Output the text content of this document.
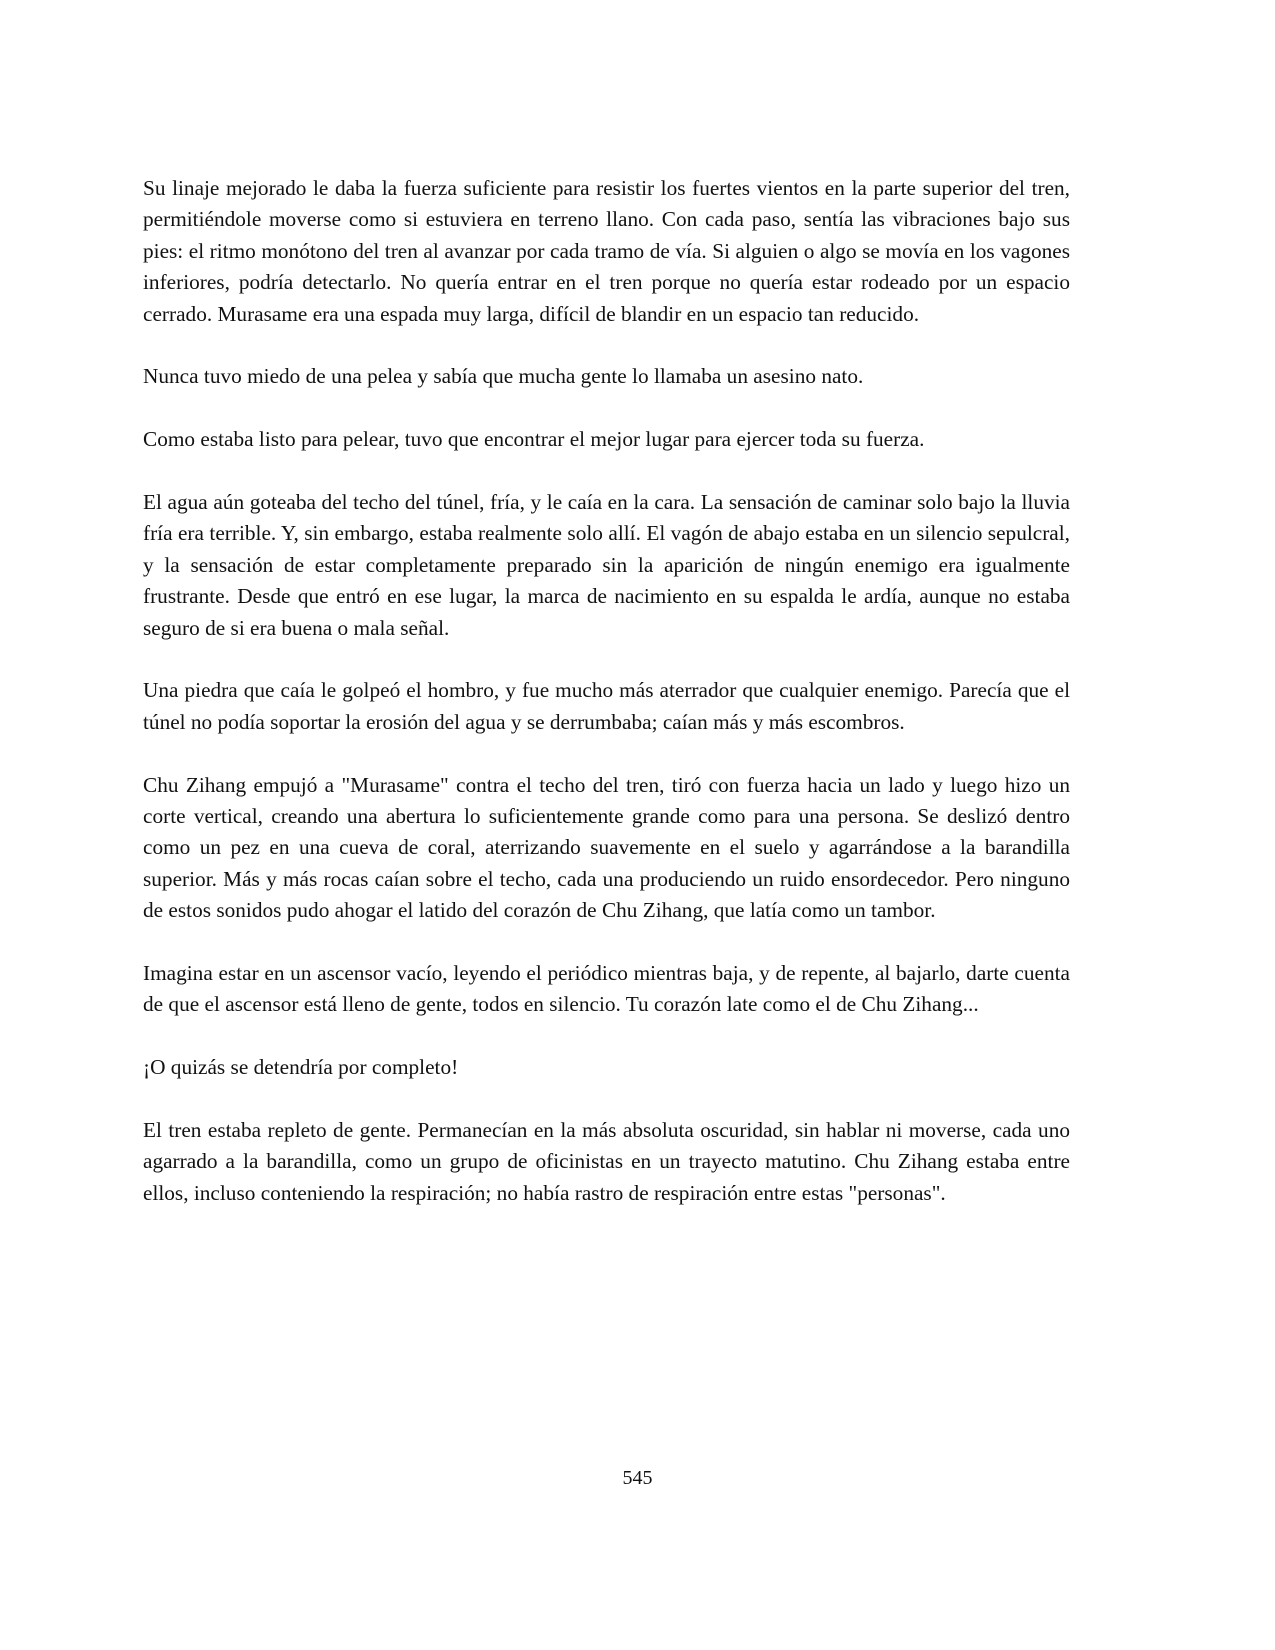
Su linaje mejorado le daba la fuerza suficiente para resistir los fuertes vientos en la parte superior del tren, permitiéndole moverse como si estuviera en terreno llano. Con cada paso, sentía las vibraciones bajo sus pies: el ritmo monótono del tren al avanzar por cada tramo de vía. Si alguien o algo se movía en los vagones inferiores, podría detectarlo. No quería entrar en el tren porque no quería estar rodeado por un espacio cerrado. Murasame era una espada muy larga, difícil de blandir en un espacio tan reducido.

Nunca tuvo miedo de una pelea y sabía que mucha gente lo llamaba un asesino nato.

Como estaba listo para pelear, tuvo que encontrar el mejor lugar para ejercer toda su fuerza.

El agua aún goteaba del techo del túnel, fría, y le caía en la cara. La sensación de caminar solo bajo la lluvia fría era terrible. Y, sin embargo, estaba realmente solo allí. El vagón de abajo estaba en un silencio sepulcral, y la sensación de estar completamente preparado sin la aparición de ningún enemigo era igualmente frustrante. Desde que entró en ese lugar, la marca de nacimiento en su espalda le ardía, aunque no estaba seguro de si era buena o mala señal.

Una piedra que caía le golpeó el hombro, y fue mucho más aterrador que cualquier enemigo. Parecía que el túnel no podía soportar la erosión del agua y se derrumbaba; caían más y más escombros.

Chu Zihang empujó a "Murasame" contra el techo del tren, tiró con fuerza hacia un lado y luego hizo un corte vertical, creando una abertura lo suficientemente grande como para una persona. Se deslizó dentro como un pez en una cueva de coral, aterrizando suavemente en el suelo y agarrándose a la barandilla superior. Más y más rocas caían sobre el techo, cada una produciendo un ruido ensordecedor. Pero ninguno de estos sonidos pudo ahogar el latido del corazón de Chu Zihang, que latía como un tambor.

Imagina estar en un ascensor vacío, leyendo el periódico mientras baja, y de repente, al bajarlo, darte cuenta de que el ascensor está lleno de gente, todos en silencio. Tu corazón late como el de Chu Zihang...

¡O quizás se detendría por completo!

El tren estaba repleto de gente. Permanecían en la más absoluta oscuridad, sin hablar ni moverse, cada uno agarrado a la barandilla, como un grupo de oficinistas en un trayecto matutino. Chu Zihang estaba entre ellos, incluso conteniendo la respiración; no había rastro de respiración entre estas "personas".

545
